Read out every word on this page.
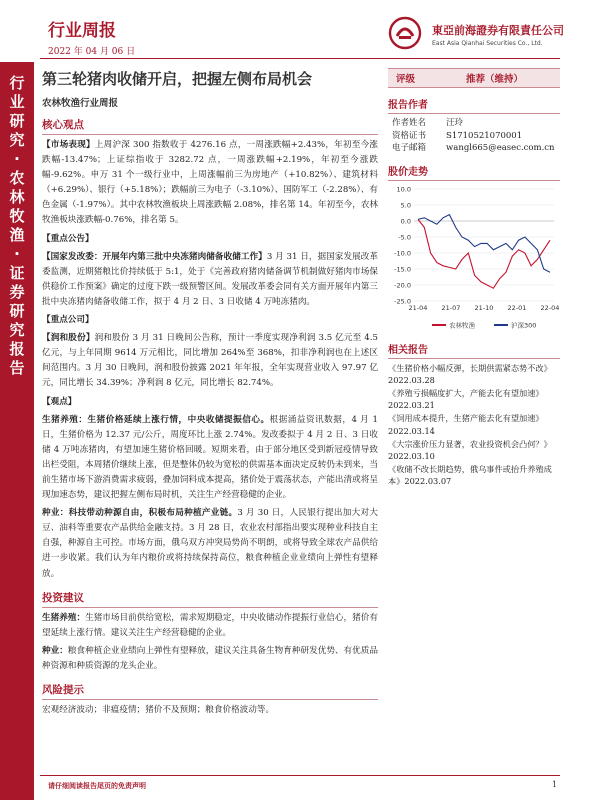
行业周报
2022 年 04 月 06 日
東亞前海證券有限責任公司
East Asia Qianhai Securities Co., Ltd.
行
业
研
究
·
农
林
牧
渔
·
证
券
研
究
报
告
第三轮猪肉收储开启，把握左侧布局机会
农林牧渔行业周报
核心观点

【市场表现】上周沪深 300 指数收于 4276.16 点，一周涨跌幅+2.43%，年初至今涨跌幅-13.47%；上证综指收于 3282.72 点，一周涨跌幅+2.19%，年初至今涨跌幅-9.62%。申万 31 个一级行业中，上周涨幅前三为房地产（+10.82%）、建筑材料（+6.29%）、银行（+5.18%）；跌幅前三为电子（-3.10%）、国防军工（-2.28%）、有色金属（-1.97%）。其中农林牧渔板块上周涨跌幅 2.08%，排名第 14。年初至今，农林牧渔板块涨跌幅-0.76%，排名第 5。

【重点公告】

【国家发改委：开展年内第三批中央冻猪肉储备收储工作】3 月 31 日，据国家发展改革委监测，近期猪粮比价持续低于 5:1，处于《完善政府猪肉储备调节机制做好猪肉市场保供稳价工作预案》确定的过度下跌一级预警区间。发展改革委会同有关方面开展年内第三批中央冻猪肉储备收储工作，拟于 4 月 2 日、3 日收储 4 万吨冻猪肉。

【重点公司】

【润和股份】润和股份 3 月 31 日晚间公告称，预计一季度实现净利润 3.5 亿元至 4.5 亿元，与上年同期 9614 万元相比，同比增加 264%至 368%，扣非净利润也在上述区间范围内。3 月 30 日晚间，润和股份披露 2021 年年报，全年实现营业收入 97.97 亿元，同比增长 34.39%；净利润 8 亿元，同比增长 82.74%。

【观点】

生猪养殖：生猪价格延续上涨行情，中央收储提振信心。根据涌益资讯数据，4 月 1 日，生猪价格为 12.37 元/公斤，周度环比上涨 2.74%。发改委拟于 4 月 2 日、3 日收储 4 万吨冻猪肉，有望加速生猪价格回暖。短期来看，由于部分地区受到新冠疫情导致出栏受阻，本周猪价继续上涨，但是整体仍较为宽松的供需基本面决定反转仍未到来，当前生猪市场下游消费需求疲弱，叠加饲料成本提高，猪价处于震荡状态，产能出清或将呈现加速态势，建议把握左侧布局时机，关注生产经营稳健的企业。

种业：科技带动种源自由，积极布局种植产业链。3 月 30 日，人民银行提出加大对大豆、油料等重要农产品供给金融支持。3 月 28 日，农业农村部指出要实现种业科技自主自强，种源自主可控。市场方面，俄乌双方冲突局势尚不明朗，或将导致全球农产品供给进一步收紧。我们认为年内粮价或将持续保持高位，粮食种植企业业绩向上弹性有望释放。

投资建议

生猪养殖：生猪市场目前供给宽松，需求短期稳定，中央收储动作提振行业信心，猪价有望延续上涨行情。建议关注生产经营稳健的企业。

种业：粮食种植企业业绩向上弹性有望释放，建议关注具备生物育种研发优势、有优质品种资源和种质资源的龙头企业。

风险提示

宏观经济波动；非瘟疫情；猪价不及预期；粮食价格波动等。

评级	推荐（维持）
报告作者
作者姓名	汪玲
资格证书	S1710521070001
电子邮箱	wangl665@easec.com.cn
股价走势
10.0
5.0
0.0
-5.0
-10.0
-15.0
-20.0
-25.0
21-04 21-07 21-10 22-01 22-04
农林牧渔	沪深300
相关报告
《生猪价格小幅反弹，长期供需紧态势不改》2022.03.28
《养殖亏损幅度扩大，产能去化有望加速》2022.03.21
《饲用成本提升，生猪产能去化有望加速》2022.03.14
《大宗涨价压力显著，农业投资机会凸何？》2022.03.10
《收储不改长期趋势，俄乌事件或抬升养殖成本》2022.03.07
请仔细阅读报告尾页的免责声明	1
